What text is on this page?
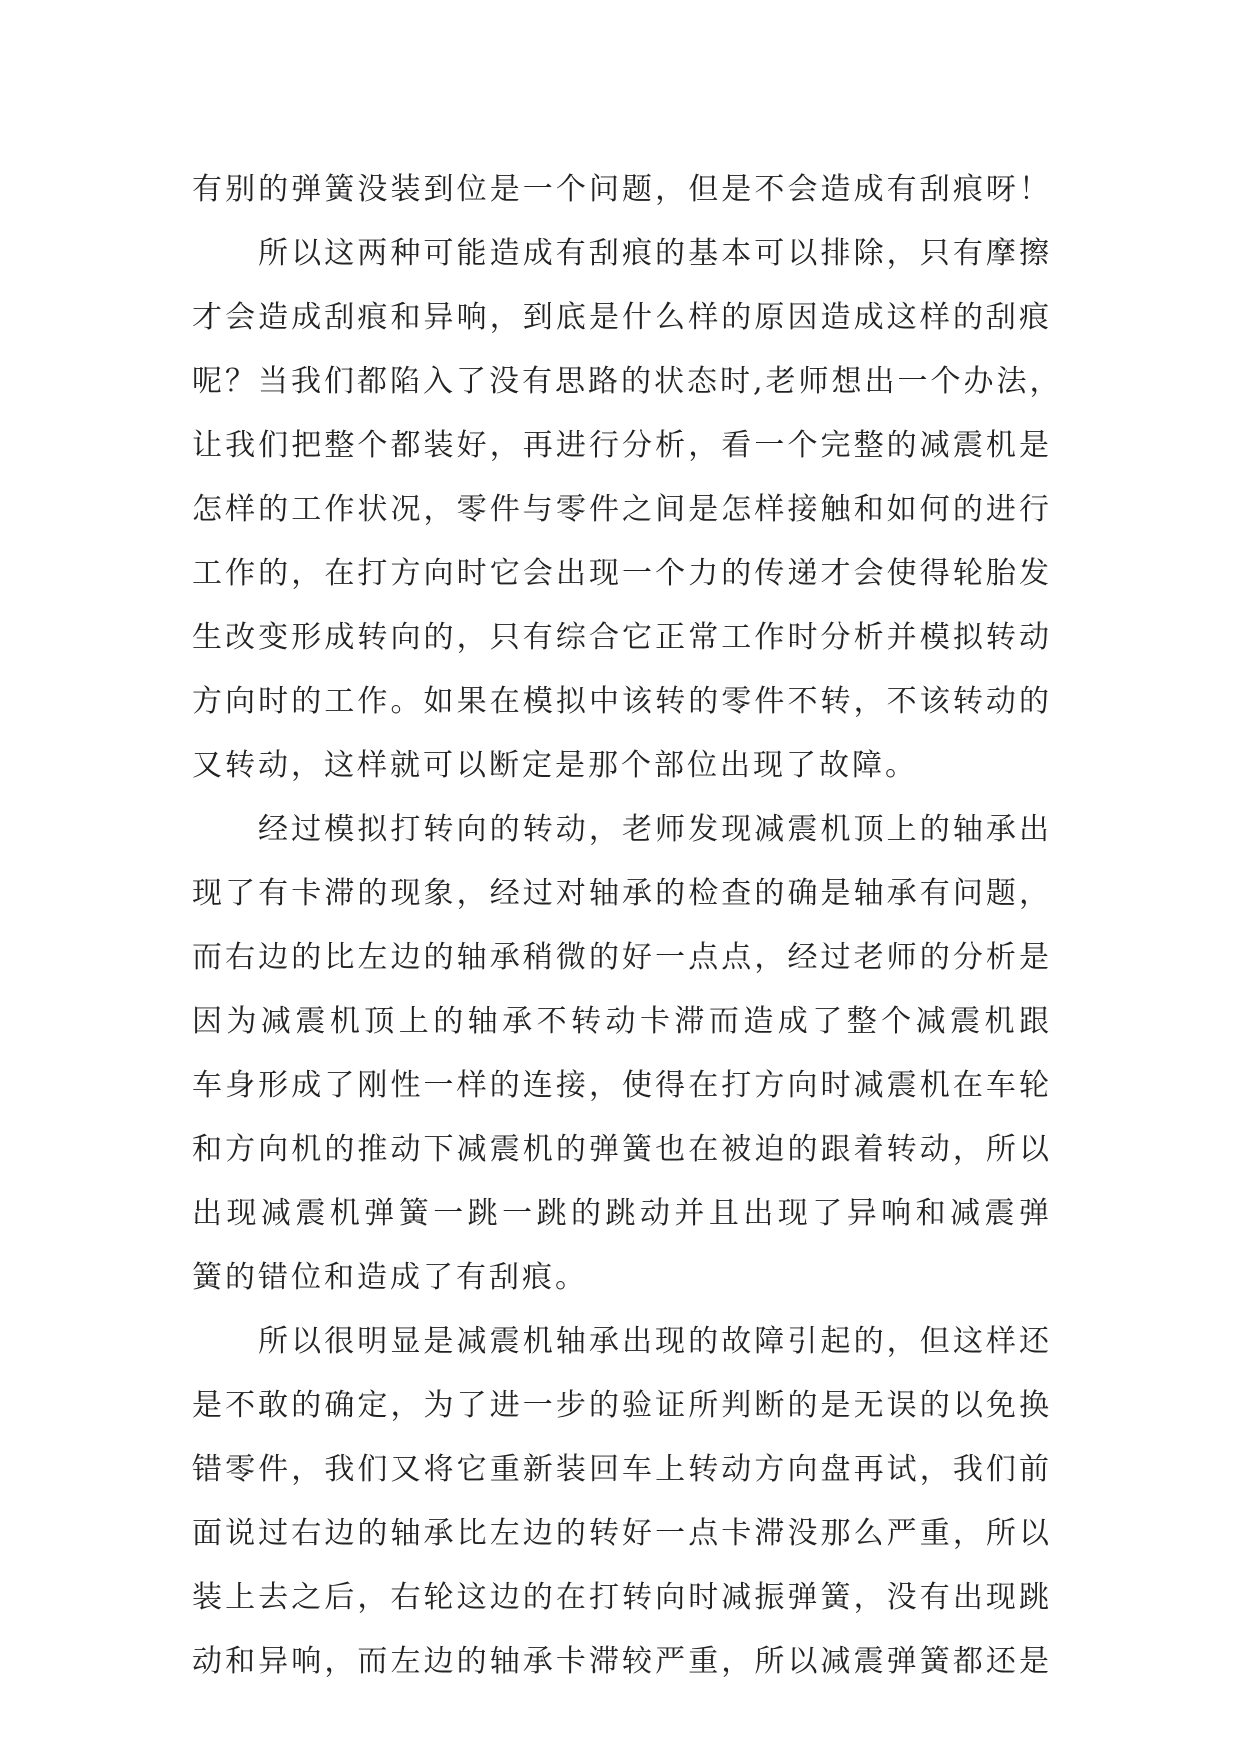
有别的弹簧没装到位是一个问题，但是不会造成有刮痕呀！
所以这两种可能造成有刮痕的基本可以排除，只有摩擦
才会造成刮痕和异响，到底是什么样的原因造成这样的刮痕
呢？当我们都陷入了没有思路的状态时,老师想出一个办法，
让我们把整个都装好，再进行分析，看一个完整的减震机是
怎样的工作状况，零件与零件之间是怎样接触和如何的进行
工作的，在打方向时它会出现一个力的传递才会使得轮胎发
生改变形成转向的，只有综合它正常工作时分析并模拟转动
方向时的工作。如果在模拟中该转的零件不转，不该转动的
又转动，这样就可以断定是那个部位出现了故障。
经过模拟打转向的转动，老师发现减震机顶上的轴承出
现了有卡滞的现象，经过对轴承的检查的确是轴承有问题，
而右边的比左边的轴承稍微的好一点点，经过老师的分析是
因为减震机顶上的轴承不转动卡滞而造成了整个减震机跟
车身形成了刚性一样的连接，使得在打方向时减震机在车轮
和方向机的推动下减震机的弹簧也在被迫的跟着转动，所以
出现减震机弹簧一跳一跳的跳动并且出现了异响和减震弹
簧的错位和造成了有刮痕。
所以很明显是减震机轴承出现的故障引起的，但这样还
是不敢的确定，为了进一步的验证所判断的是无误的以免换
错零件，我们又将它重新装回车上转动方向盘再试，我们前
面说过右边的轴承比左边的转好一点卡滞没那么严重，所以
装上去之后，右轮这边的在打转向时减振弹簧，没有出现跳
动和异响，而左边的轴承卡滞较严重，所以减震弹簧都还是
